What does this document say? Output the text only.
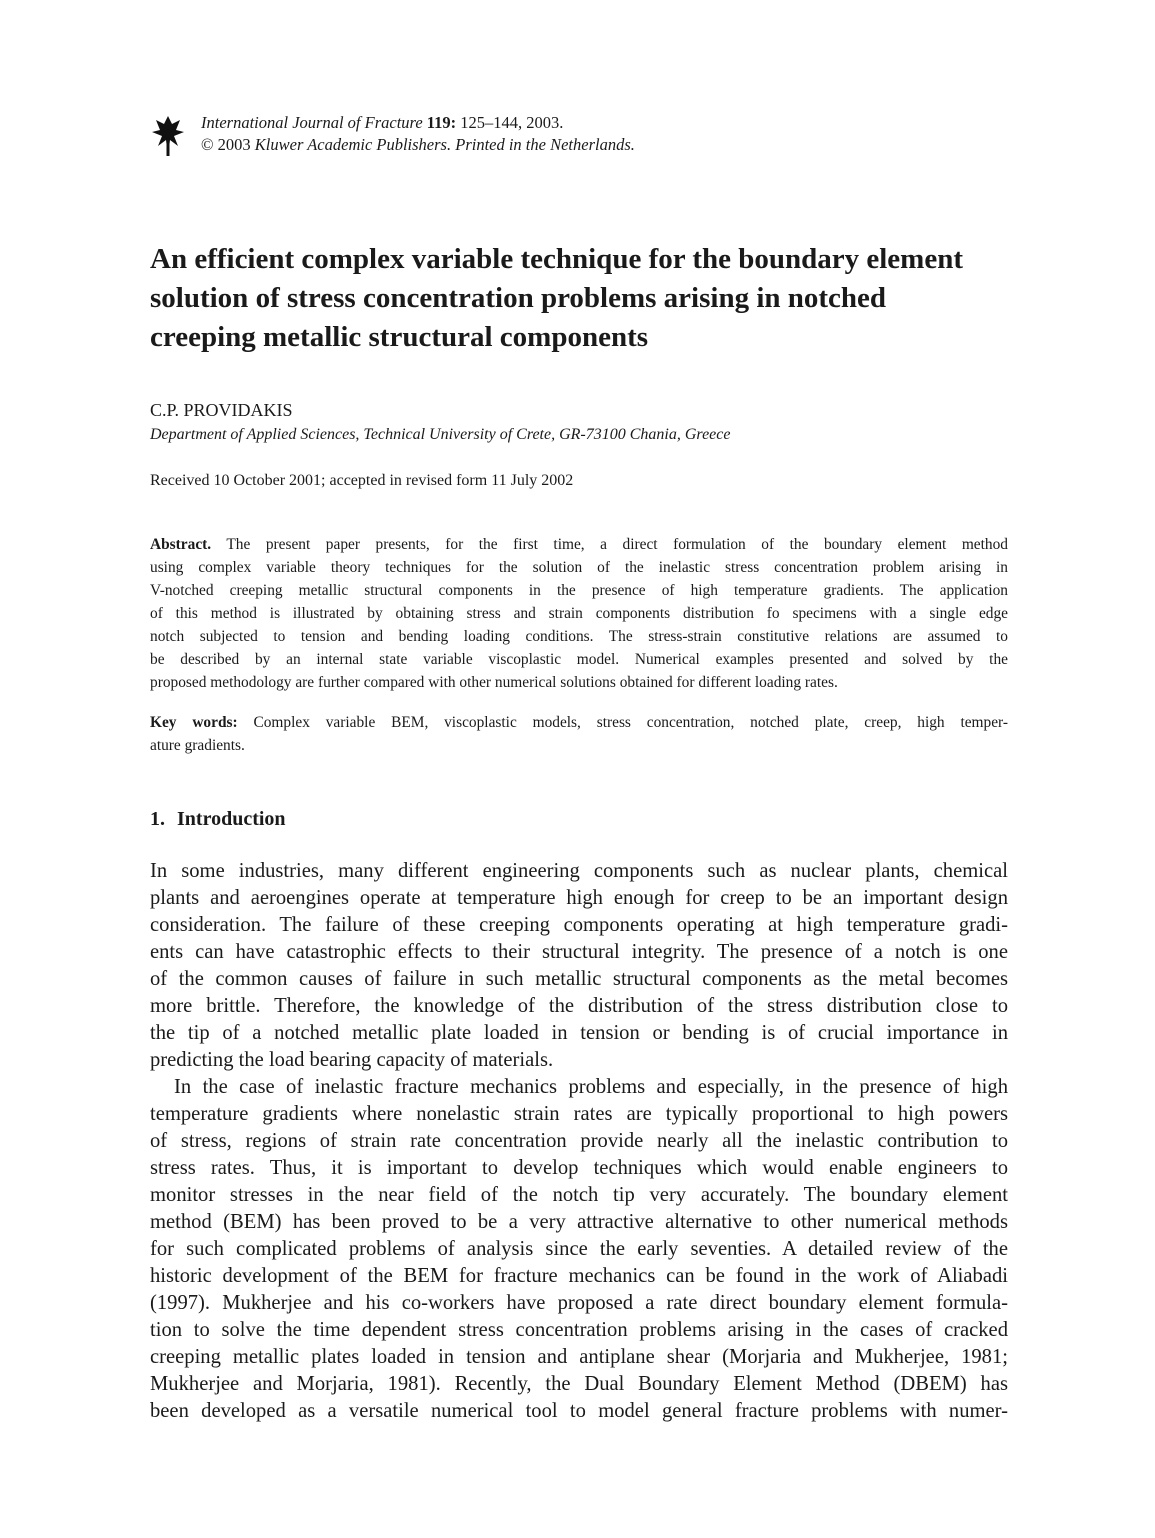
International Journal of Fracture 119: 125–144, 2003.
© 2003 Kluwer Academic Publishers. Printed in the Netherlands.
An efficient complex variable technique for the boundary element
solution of stress concentration problems arising in notched
creeping metallic structural components
C.P. PROVIDAKIS
Department of Applied Sciences, Technical University of Crete, GR-73100 Chania, Greece
Received 10 October 2001; accepted in revised form 11 July 2002
Abstract. The present paper presents, for the first time, a direct formulation of the boundary element method
using complex variable theory techniques for the solution of the inelastic stress concentration problem arising in
V-notched creeping metallic structural components in the presence of high temperature gradients. The application
of this method is illustrated by obtaining stress and strain components distribution fo specimens with a single edge
notch subjected to tension and bending loading conditions. The stress-strain constitutive relations are assumed to
be described by an internal state variable viscoplastic model. Numerical examples presented and solved by the
proposed methodology are further compared with other numerical solutions obtained for different loading rates.
Key words: Complex variable BEM, viscoplastic models, stress concentration, notched plate, creep, high temper-
ature gradients.
1. Introduction
In some industries, many different engineering components such as nuclear plants, chemical
plants and aeroengines operate at temperature high enough for creep to be an important design
consideration. The failure of these creeping components operating at high temperature gradi-
ents can have catastrophic effects to their structural integrity. The presence of a notch is one
of the common causes of failure in such metallic structural components as the metal becomes
more brittle. Therefore, the knowledge of the distribution of the stress distribution close to
the tip of a notched metallic plate loaded in tension or bending is of crucial importance in
predicting the load bearing capacity of materials.
In the case of inelastic fracture mechanics problems and especially, in the presence of high
temperature gradients where nonelastic strain rates are typically proportional to high powers
of stress, regions of strain rate concentration provide nearly all the inelastic contribution to
stress rates. Thus, it is important to develop techniques which would enable engineers to
monitor stresses in the near field of the notch tip very accurately. The boundary element
method (BEM) has been proved to be a very attractive alternative to other numerical methods
for such complicated problems of analysis since the early seventies. A detailed review of the
historic development of the BEM for fracture mechanics can be found in the work of Aliabadi
(1997). Mukherjee and his co-workers have proposed a rate direct boundary element formula-
tion to solve the time dependent stress concentration problems arising in the cases of cracked
creeping metallic plates loaded in tension and antiplane shear (Morjaria and Mukherjee, 1981;
Mukherjee and Morjaria, 1981). Recently, the Dual Boundary Element Method (DBEM) has
been developed as a versatile numerical tool to model general fracture problems with numer-
